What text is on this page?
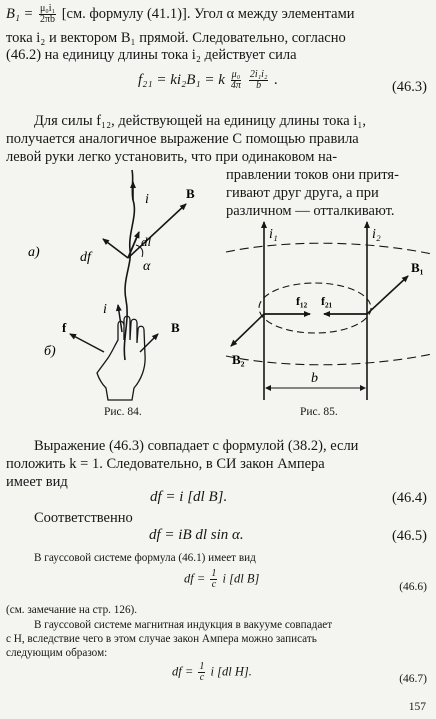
$B_1 = \frac{\text{μ₀i₁}}{2\pi b} [см$. формулу (41.1)]. Угол α между элементами
тока i₂ и вектором B₁ прямой. Следовательно, согласно
(46.2) на единицу длины тока i₂ действует сила
f₂₁ = ki₂B₁ = k $\frac{\text{μ₀}}{4\pi}$
$\frac{\text{2i₁i₂}}{b}$ .	(46.3)
Для силы f₁₂, действующей на единицу длины тока i₁,
получается аналогичное выражение С помощью правила
левой руки легко установить, что при одинаковом на-
правлении токов они притя-
гивают друг друга, а при
различном — отталкивают.
i	B
df
dl
α
а)
f
i
B
б)
Рис. 84.
i₁	i₂
f₁₂ f₂₁
B₁
B₂
b
Рис. 85.
Выражение (46.3) совпадает с формулой (38.2), если
положить k = 1. Следовательно, в СИ закон Ампера
имеет вид
df = i [dl B].	(46.4)
Соответственно
df = iB dl sin α.	(46.5)
В гауссовой системе формула (46.1) имеет вид
df = $\frac{1}{c}$ i [dl B]
(46.6)
(см. замечание на стр. 126).
В гауссовой системе магнитная индукция в вакууме совпадает
с H, вследствие чего в этом случае закон Ампера можно записать
следующим образом:
df = $\frac{1}{c}$ i [dl H].
(46.7)
157
